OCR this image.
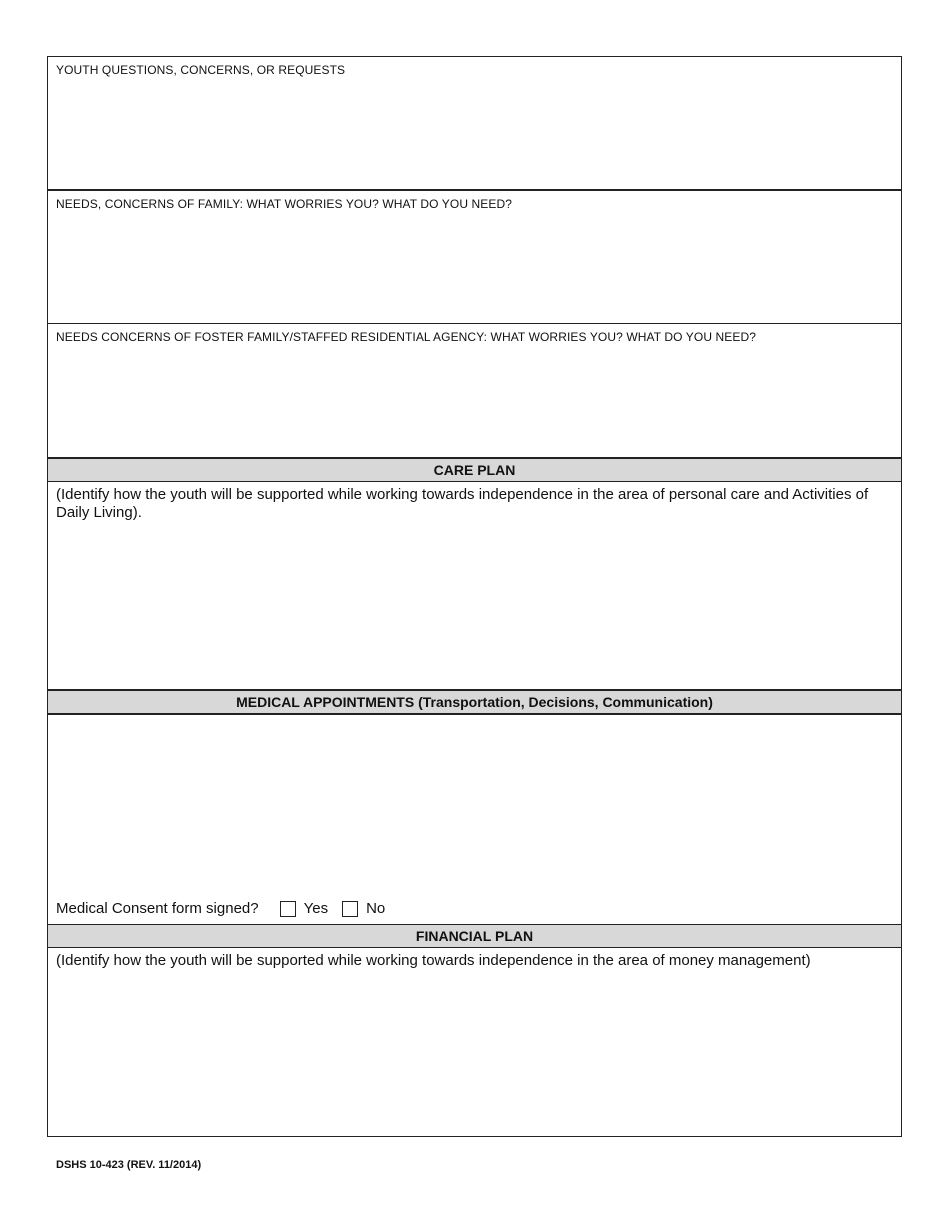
YOUTH QUESTIONS, CONCERNS, OR REQUESTS
NEEDS, CONCERNS OF FAMILY: WHAT WORRIES YOU? WHAT DO YOU NEED?
NEEDS CONCERNS OF FOSTER FAMILY/STAFFED RESIDENTIAL AGENCY: WHAT WORRIES YOU? WHAT DO YOU NEED?
CARE PLAN
(Identify how the youth will be supported while working towards independence in the area of personal care and Activities of Daily Living).
MEDICAL APPOINTMENTS (Transportation, Decisions, Communication)
Medical Consent form signed?	Yes	No
FINANCIAL PLAN
(Identify how the youth will be supported while working towards independence in the area of money management)
DSHS 10-423 (REV. 11/2014)
